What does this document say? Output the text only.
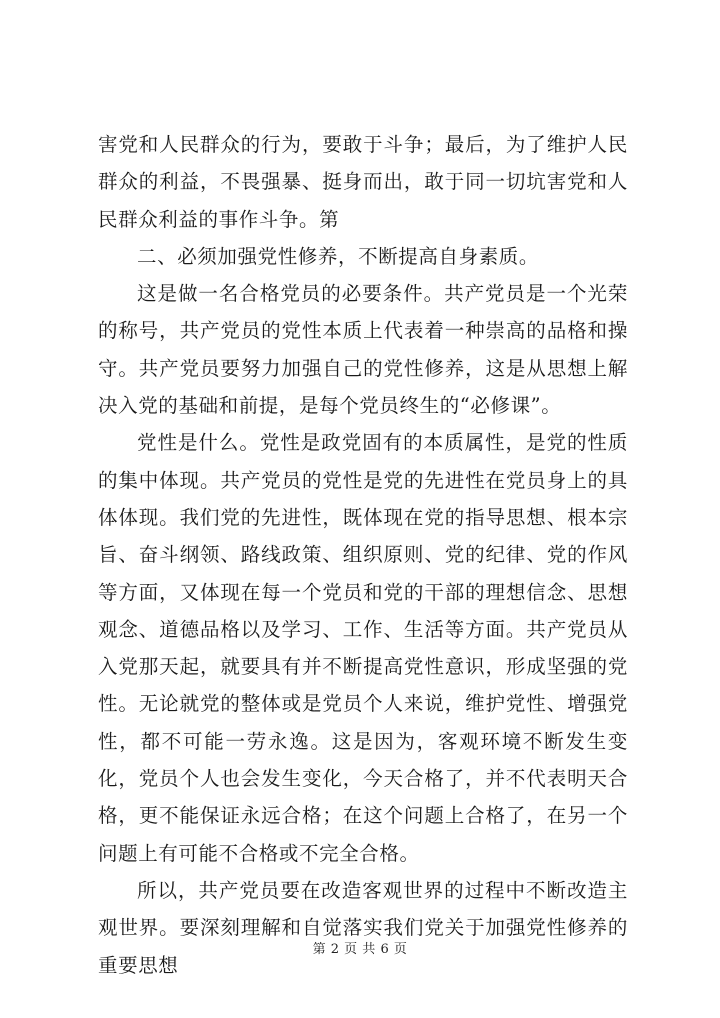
害党和人民群众的行为，要敢于斗争；最后，为了维护人民群众的利益，不畏强暴、挺身而出，敢于同一切坑害党和人民群众利益的事作斗争。第

二、必须加强党性修养，不断提高自身素质。

这是做一名合格党员的必要条件。共产党员是一个光荣的称号，共产党员的党性本质上代表着一种崇高的品格和操守。共产党员要努力加强自己的党性修养，这是从思想上解决入党的基础和前提，是每个党员终生的“必修课”。

党性是什么。党性是政党固有的本质属性，是党的性质的集中体现。共产党员的党性是党的先进性在党员身上的具体体现。我们党的先进性，既体现在党的指导思想、根本宗旨、奋斗纲领、路线政策、组织原则、党的纪律、党的作风等方面，又体现在每一个党员和党的干部的理想信念、思想观念、道德品格以及学习、工作、生活等方面。共产党员从入党那天起，就要具有并不断提高党性意识，形成坚强的党性。无论就党的整体或是党员个人来说，维护党性、增强党性，都不可能一劳永逸。这是因为，客观环境不断发生变化，党员个人也会发生变化，今天合格了，并不代表明天合格，更不能保证永远合格；在这个问题上合格了，在另一个问题上有可能不合格或不完全合格。

所以，共产党员要在改造客观世界的过程中不断改造主观世界。要深刻理解和自觉落实我们党关于加强党性修养的重要思想

第 2 页 共 6 页
